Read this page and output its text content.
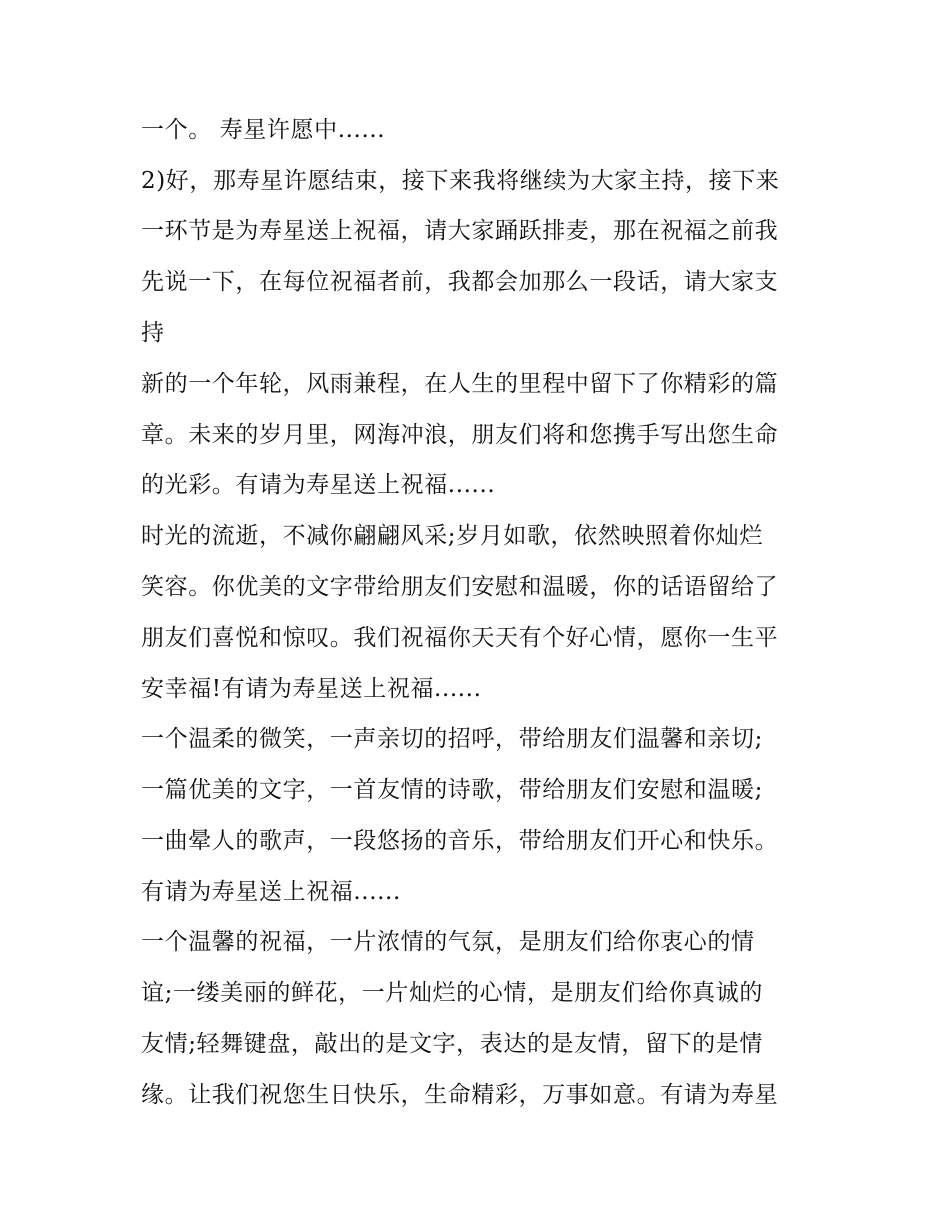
一个。 寿星许愿中......
2)好，那寿星许愿结束，接下来我将继续为大家主持，接下来
一环节是为寿星送上祝福，请大家踊跃排麦，那在祝福之前我
先说一下，在每位祝福者前，我都会加那么一段话，请大家支
持
新的一个年轮，风雨兼程，在人生的里程中留下了你精彩的篇
章。未来的岁月里，网海冲浪，朋友们将和您携手写出您生命
的光彩。有请为寿星送上祝福......
时光的流逝，不减你翩翩风采;岁月如歌，依然映照着你灿烂
笑容。你优美的文字带给朋友们安慰和温暖，你的话语留给了
朋友们喜悦和惊叹。我们祝福你天天有个好心情，愿你一生平
安幸福!有请为寿星送上祝福......
一个温柔的微笑，一声亲切的招呼，带给朋友们温馨和亲切;
一篇优美的文字，一首友情的诗歌，带给朋友们安慰和温暖;
一曲晕人的歌声，一段悠扬的音乐，带给朋友们开心和快乐。
有请为寿星送上祝福......
一个温馨的祝福，一片浓情的气氛，是朋友们给你衷心的情
谊;一缕美丽的鲜花，一片灿烂的心情，是朋友们给你真诚的
友情;轻舞键盘，敲出的是文字，表达的是友情，留下的是情
缘。让我们祝您生日快乐，生命精彩，万事如意。有请为寿星
